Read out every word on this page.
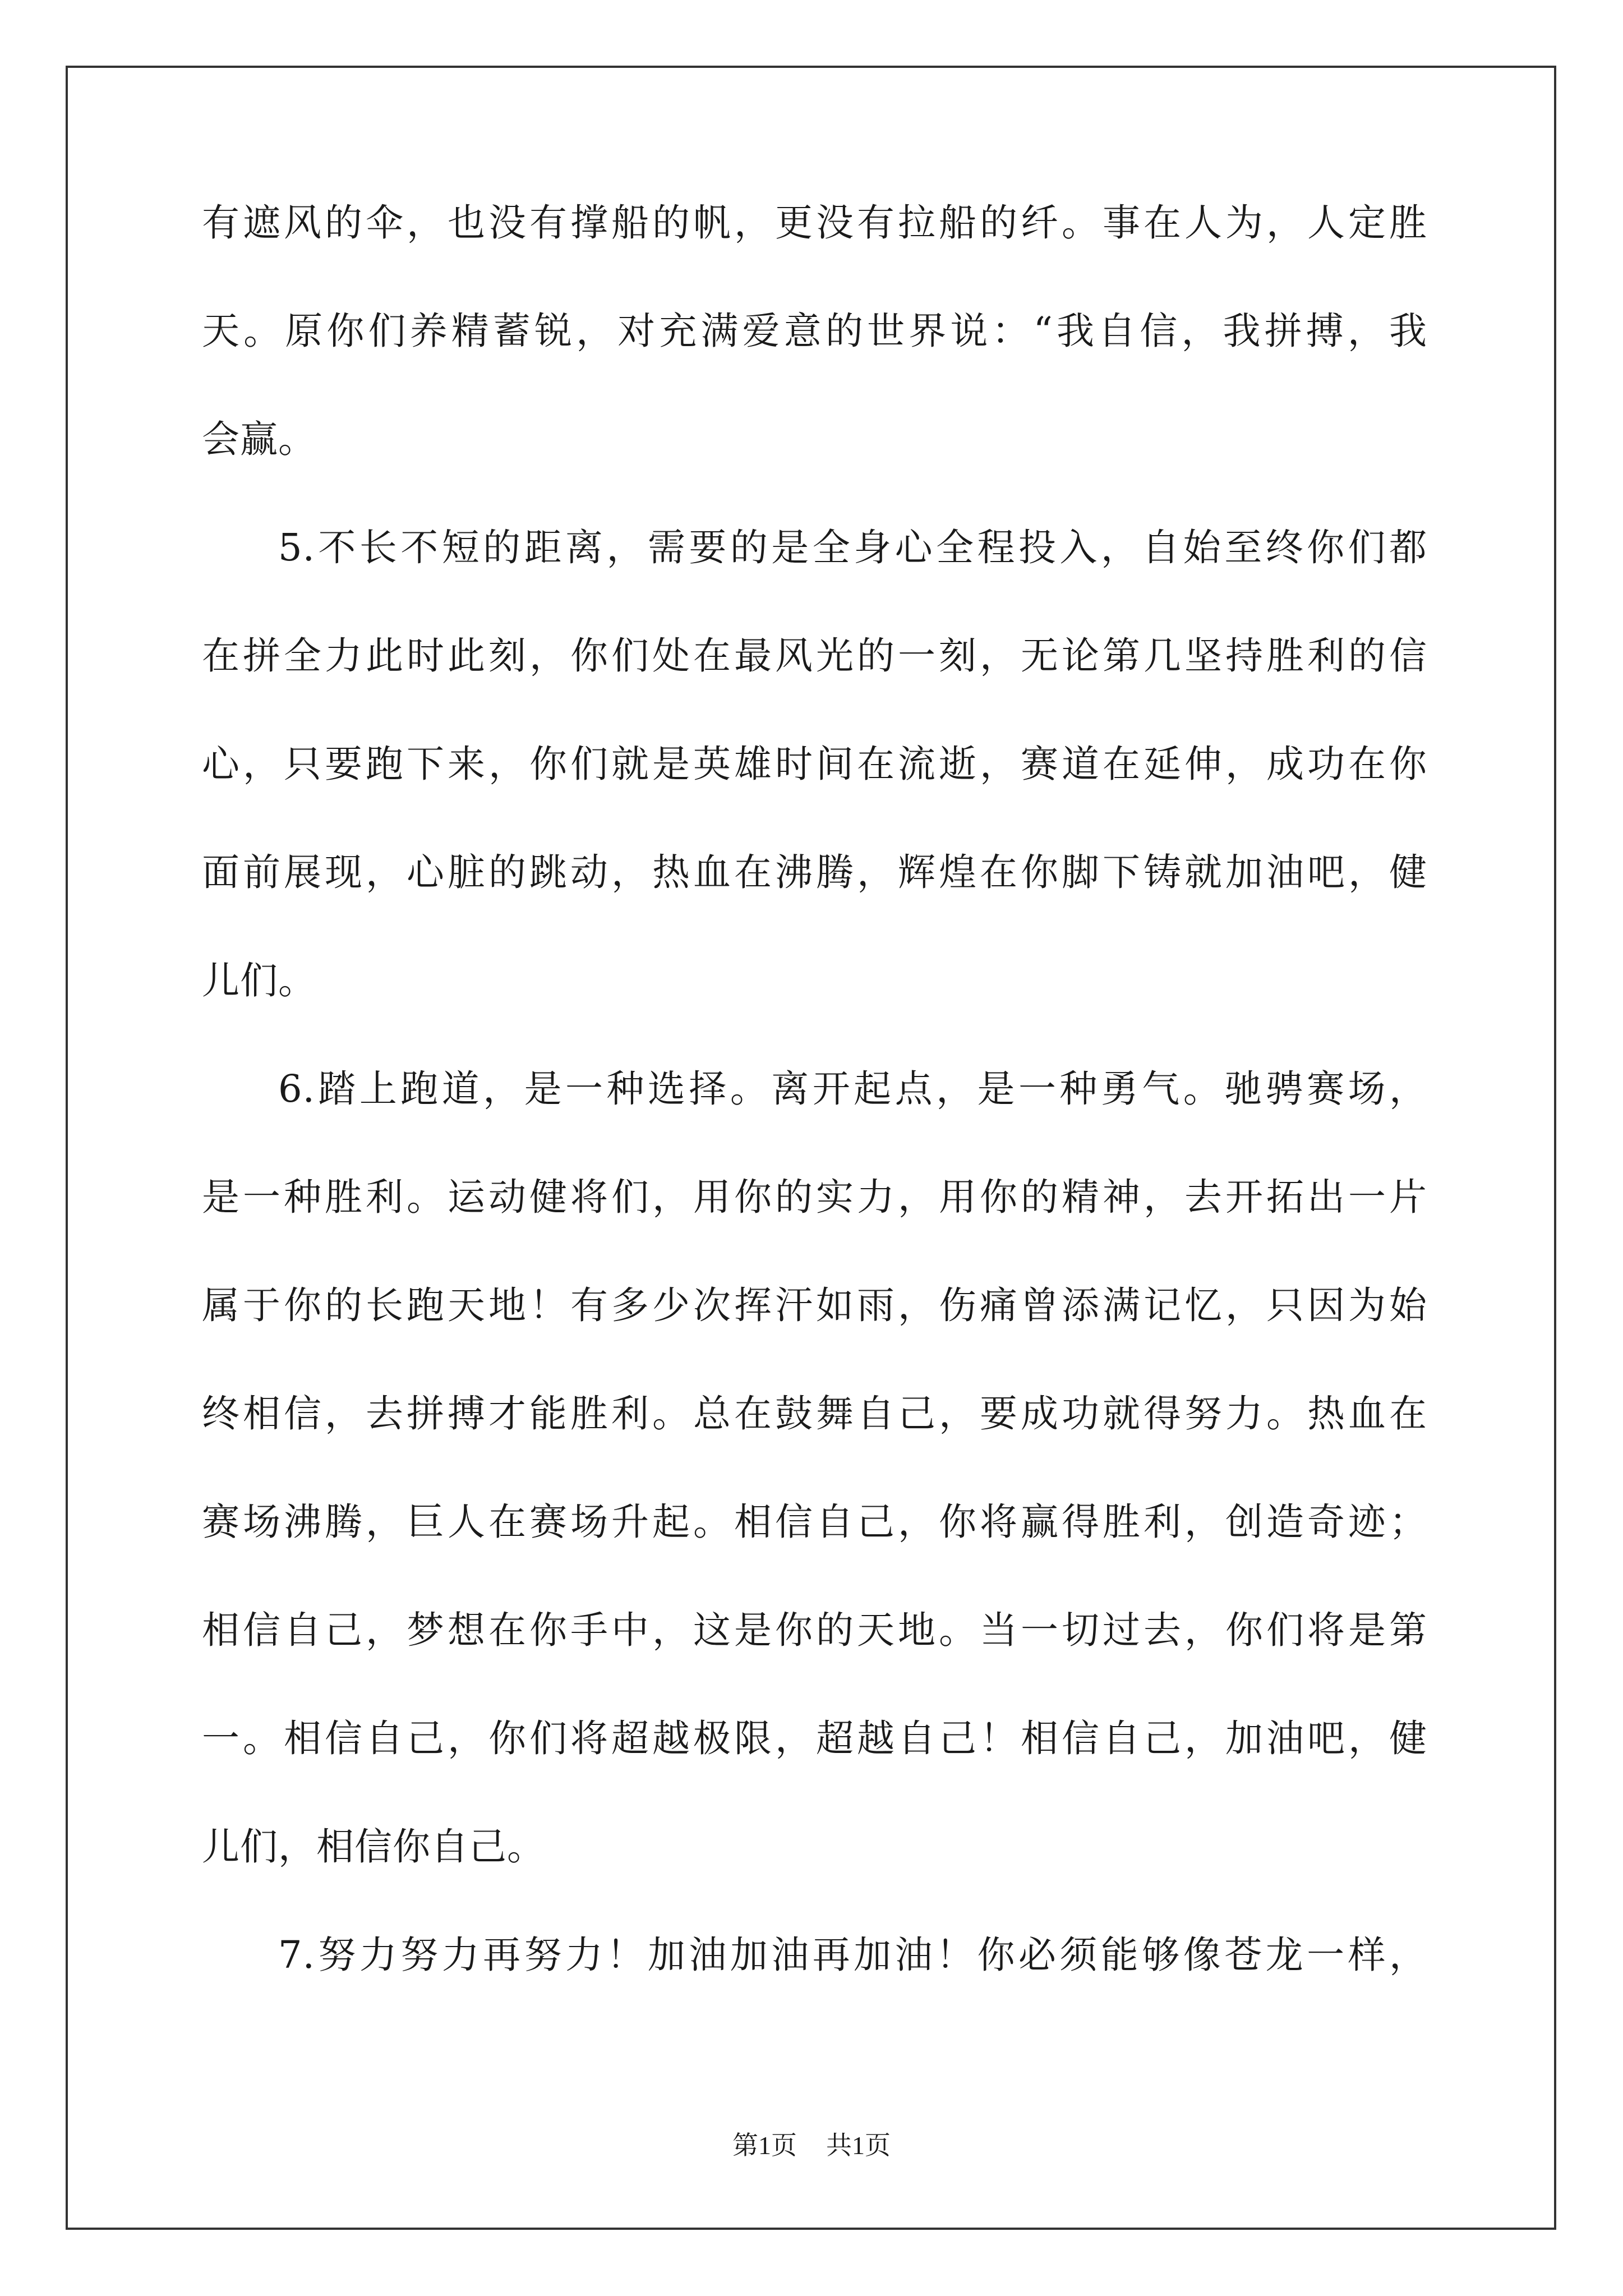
有遮风的伞，也没有撑船的帆，更没有拉船的纤。事在人为，人定胜
天。原你们养精蓄锐，对充满爱意的世界说：“我自信，我拼搏，我
会赢。
5.不长不短的距离，需要的是全身心全程投入，自始至终你们都
在拼全力此时此刻，你们处在最风光的一刻，无论第几坚持胜利的信
心，只要跑下来，你们就是英雄时间在流逝，赛道在延伸，成功在你
面前展现，心脏的跳动，热血在沸腾，辉煌在你脚下铸就加油吧，健
儿们。
6.踏上跑道，是一种选择。离开起点，是一种勇气。驰骋赛场，
是一种胜利。运动健将们，用你的实力，用你的精神，去开拓出一片
属于你的长跑天地！有多少次挥汗如雨，伤痛曾添满记忆，只因为始
终相信，去拼搏才能胜利。总在鼓舞自己，要成功就得努力。热血在
赛场沸腾，巨人在赛场升起。相信自己，你将赢得胜利，创造奇迹；
相信自己，梦想在你手中，这是你的天地。当一切过去，你们将是第
一。相信自己，你们将超越极限，超越自己！相信自己，加油吧，健
儿们，相信你自己。
7.努力努力再努力！加油加油再加油！你必须能够像苍龙一样，
第1页 共1页
